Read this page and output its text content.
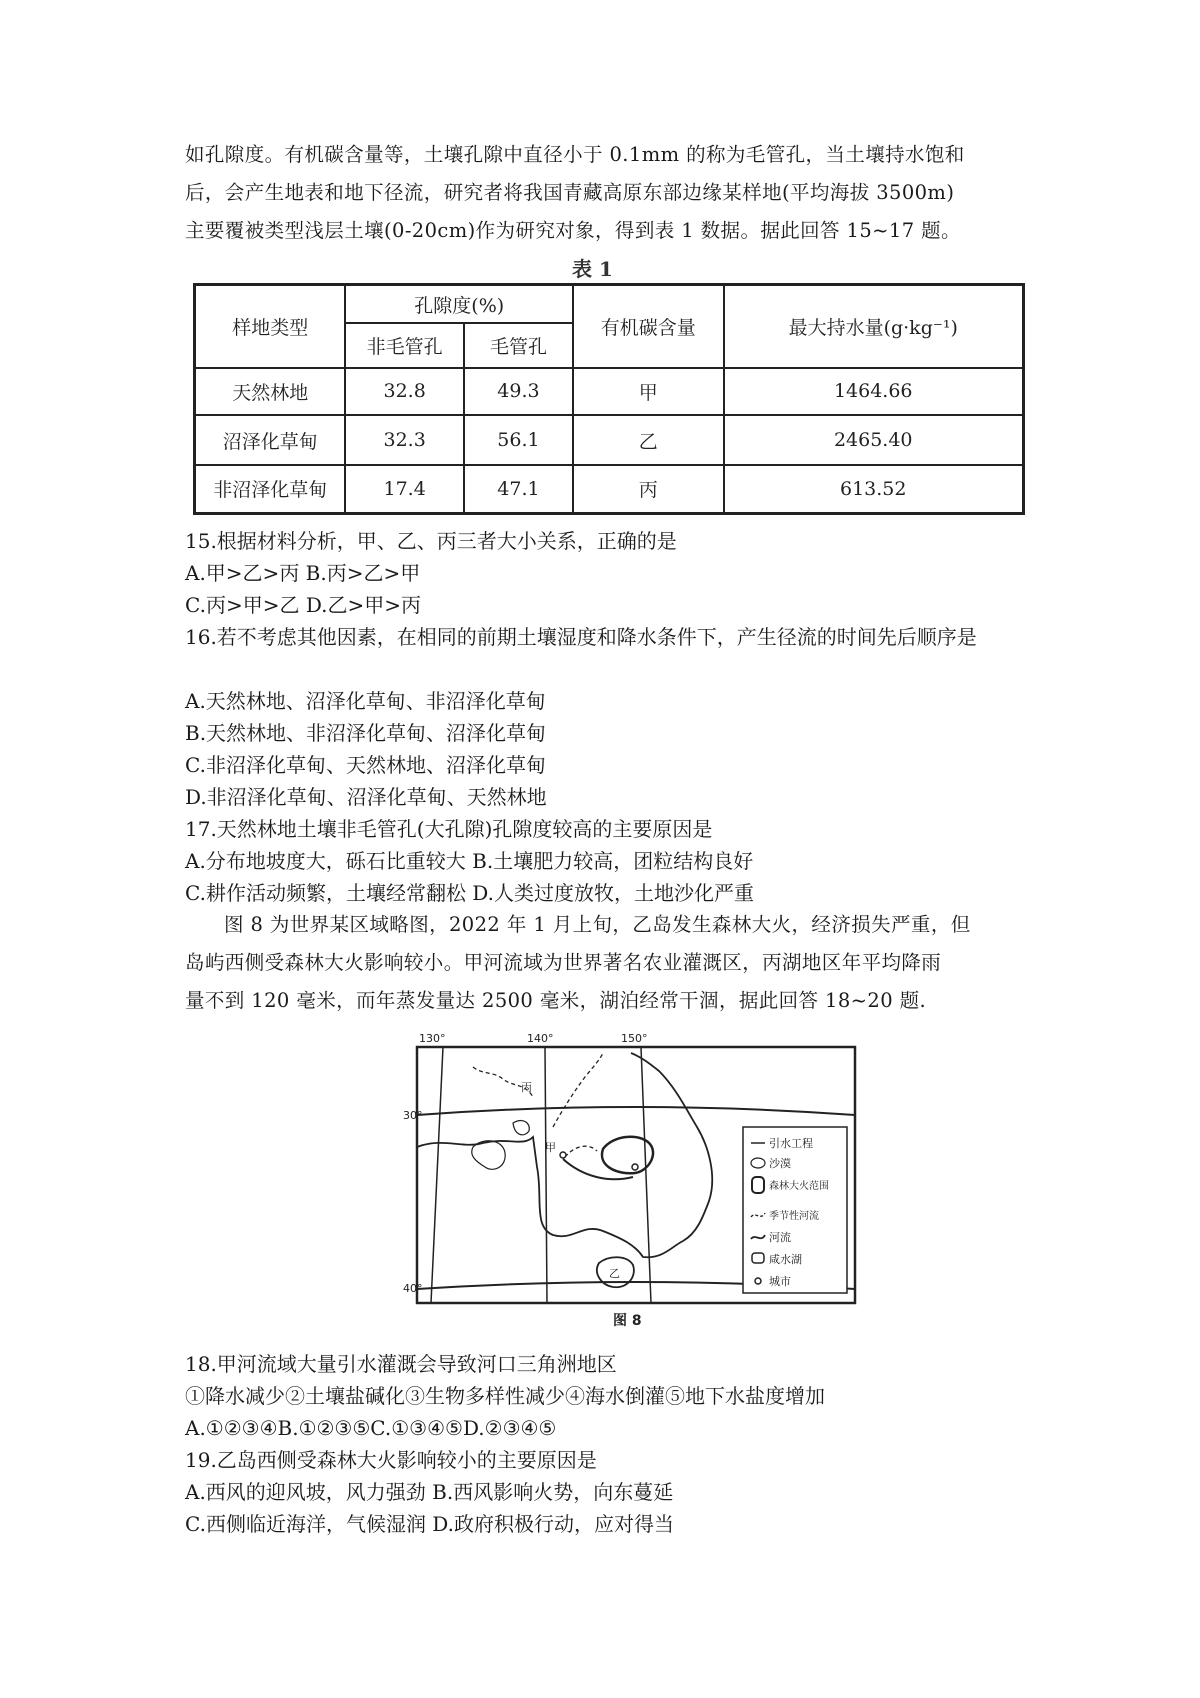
如孔隙度。有机碳含量等，土壤孔隙中直径小于 0.1mm 的称为毛管孔，当土壤持水饱和

后，会产生地表和地下径流，研究者将我国青藏高原东部边缘某样地(平均海拔 3500m)

主要覆被类型浅层土壤(0-20cm)作为研究对象，得到表 1 数据。据此回答 15~17 题。

表 1
样地类型	孔隙度(%)		有机碳含量	最大持水量(g·kg⁻¹)
	非毛管孔	毛管孔		
天然林地	32.8	49.3	甲	1464.66
沼泽化草甸	32.3	56.1	乙	2465.40
非沼泽化草甸	17.4	47.1	丙	613.52

15.根据材料分析，甲、乙、丙三者大小关系，正确的是

A.甲>乙>丙 B.丙>乙>甲

C.丙>甲>乙 D.乙>甲>丙

16.若不考虑其他因素，在相同的前期土壤湿度和降水条件下，产生径流的时间先后顺序是

A.天然林地、沼泽化草甸、非沼泽化草甸

B.天然林地、非沼泽化草甸、沼泽化草甸

C.非沼泽化草甸、天然林地、沼泽化草甸

D.非沼泽化草甸、沼泽化草甸、天然林地

17.天然林地土壤非毛管孔(大孔隙)孔隙度较高的主要原因是

A.分布地坡度大，砾石比重较大 B.土壤肥力较高，团粒结构良好

C.耕作活动频繁，土壤经常翻松 D.人类过度放牧，土地沙化严重

图 8 为世界某区域略图，2022 年 1 月上旬，乙岛发生森林大火，经济损失严重，但

岛屿西侧受森林大火影响较小。甲河流域为世界著名农业灌溉区，丙湖地区年平均降雨

量不到 120 毫米，而年蒸发量达 2500 毫米，湖泊经常干涸，据此回答 18~20 题.

130°	140°	150°
30°
40°
甲
乙
丙
引水工程
沙漠
森林大火范围
季节性河流
河流
咸水湖
城市
图 8

18.甲河流域大量引水灌溉会导致河口三角洲地区

①降水减少②土壤盐碱化③生物多样性减少④海水倒灌⑤地下水盐度增加

A.①②③④B.①②③⑤C.①③④⑤D.②③④⑤

19.乙岛西侧受森林大火影响较小的主要原因是

A.西风的迎风坡，风力强劲 B.西风影响火势，向东蔓延

C.西侧临近海洋，气候湿润 D.政府积极行动，应对得当
